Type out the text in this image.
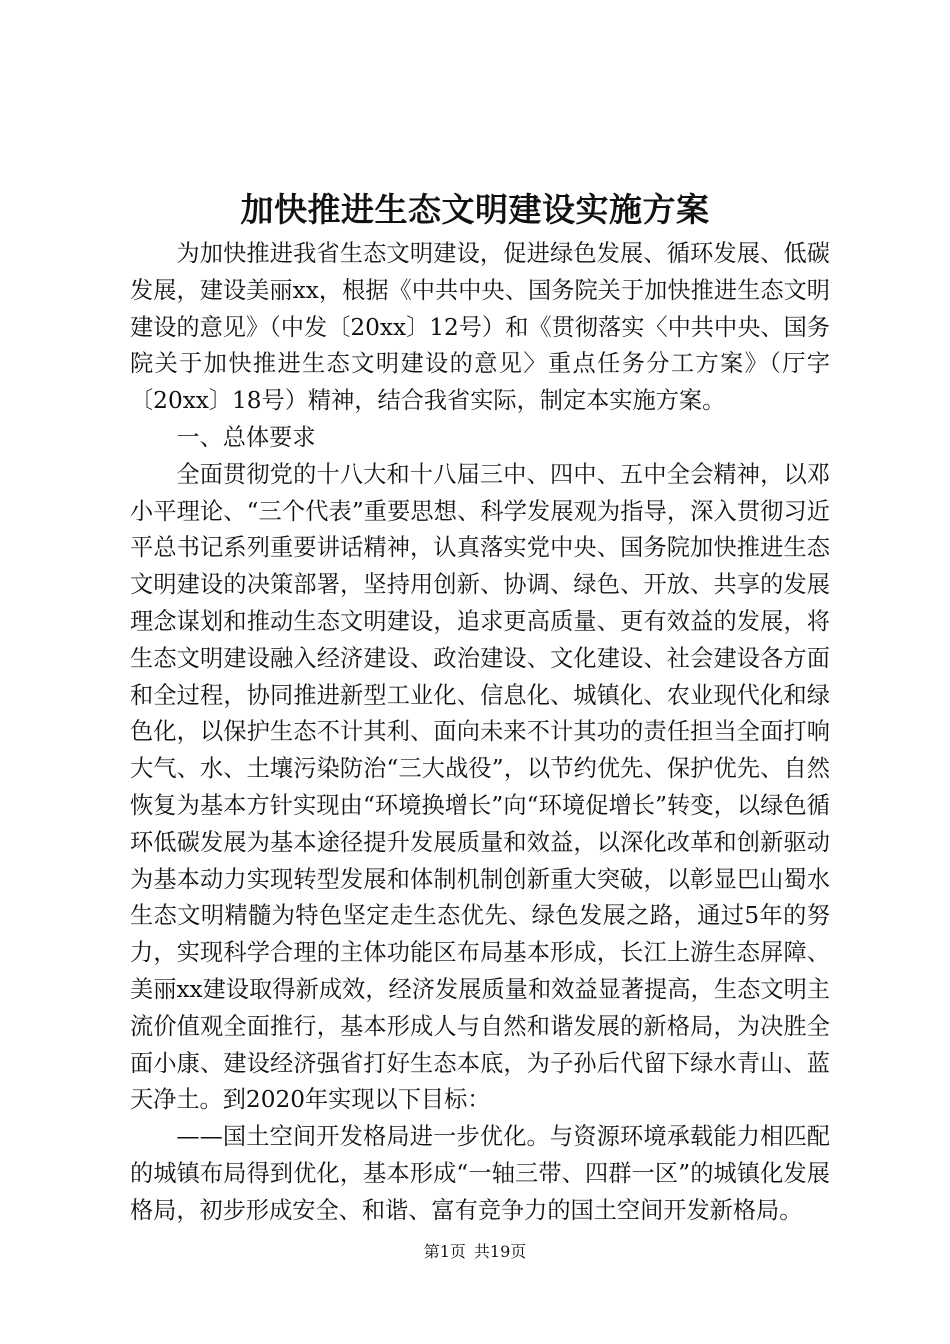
加快推进生态文明建设实施方案

为加快推进我省生态文明建设，促进绿色发展、循环发展、低碳发展，建设美丽xx，根据《中共中央、国务院关于加快推进生态文明建设的意见》（中发〔20xx〕12号）和《贯彻落实〈中共中央、国务院关于加快推进生态文明建设的意见〉重点任务分工方案》（厅字〔20xx〕18号）精神，结合我省实际，制定本实施方案。

一、总体要求

全面贯彻党的十八大和十八届三中、四中、五中全会精神，以邓小平理论、“三个代表”重要思想、科学发展观为指导，深入贯彻习近平总书记系列重要讲话精神，认真落实党中央、国务院加快推进生态文明建设的决策部署，坚持用创新、协调、绿色、开放、共享的发展理念谋划和推动生态文明建设，追求更高质量、更有效益的发展，将生态文明建设融入经济建设、政治建设、文化建设、社会建设各方面和全过程，协同推进新型工业化、信息化、城镇化、农业现代化和绿色化，以保护生态不计其利、面向未来不计其功的责任担当全面打响大气、水、土壤污染防治“三大战役”，以节约优先、保护优先、自然恢复为基本方针实现由“环境换增长”向“环境促增长”转变，以绿色循环低碳发展为基本途径提升发展质量和效益，以深化改革和创新驱动为基本动力实现转型发展和体制机制创新重大突破，以彰显巴山蜀水生态文明精髓为特色坚定走生态优先、绿色发展之路，通过5年的努力，实现科学合理的主体功能区布局基本形成，长江上游生态屏障、美丽xx建设取得新成效，经济发展质量和效益显著提高，生态文明主流价值观全面推行，基本形成人与自然和谐发展的新格局，为决胜全面小康、建设经济强省打好生态本底，为子孙后代留下绿水青山、蓝天净土。到2020年实现以下目标：

——国土空间开发格局进一步优化。与资源环境承载能力相匹配的城镇布局得到优化，基本形成“一轴三带、四群一区”的城镇化发展格局，初步形成安全、和谐、富有竞争力的国土空间开发新格局。

第1页 共19页
